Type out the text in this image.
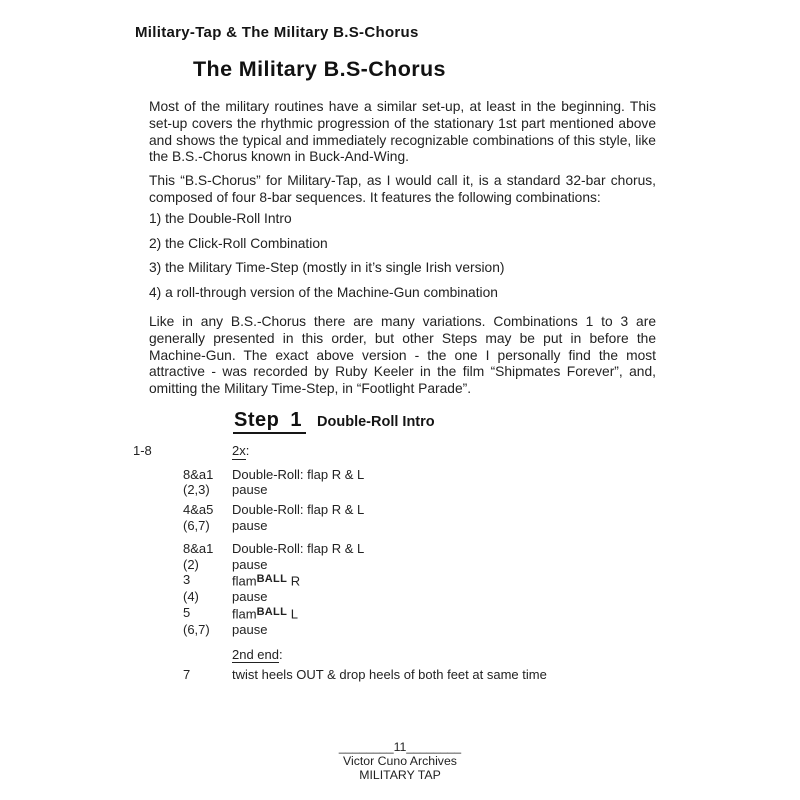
Military-Tap & The Military B.S-Chorus
The Military B.S-Chorus

Most of the military routines have a similar set-up, at least in the beginning. This set-up covers the rhythmic progression of the stationary 1st part mentioned above and shows the typical and immediately recognizable combinations of this style, like the B.S.-Chorus known in Buck-And-Wing.

This “B.S-Chorus” for Military-Tap, as I would call it, is a standard 32-bar chorus, composed of four 8-bar sequences. It features the following combinations:

1) the Double-Roll Intro
2) the Click-Roll Combination
3) the Military Time-Step (mostly in it’s single Irish version)
4) a roll-through version of the Machine-Gun combination

Like in any B.S.-Chorus there are many variations. Combinations 1 to 3 are generally presented in this order, but other Steps may be put in before the Machine-Gun. The exact above version - the one I personally find the most attractive - was recorded by Ruby Keeler in the film “Shipmates Forever”, and, omitting the Military Time-Step, in “Footlight Parade”.

Step 1 Double-Roll Intro
1-8	2x:
8&a1	Double-Roll: flap R & L
(2,3)	pause
4&a5	Double-Roll: flap R & L
(6,7)	pause
8&a1	Double-Roll: flap R & L
(2)	pause
3	flam$^{BALL}$ R
(4)	pause
5	flam$^{BALL}$ L
(6,7)	pause
2nd end:
7	twist heels OUT & drop heels of both feet at same time
________11________
Victor Cuno Archives
MILITARY TAP
